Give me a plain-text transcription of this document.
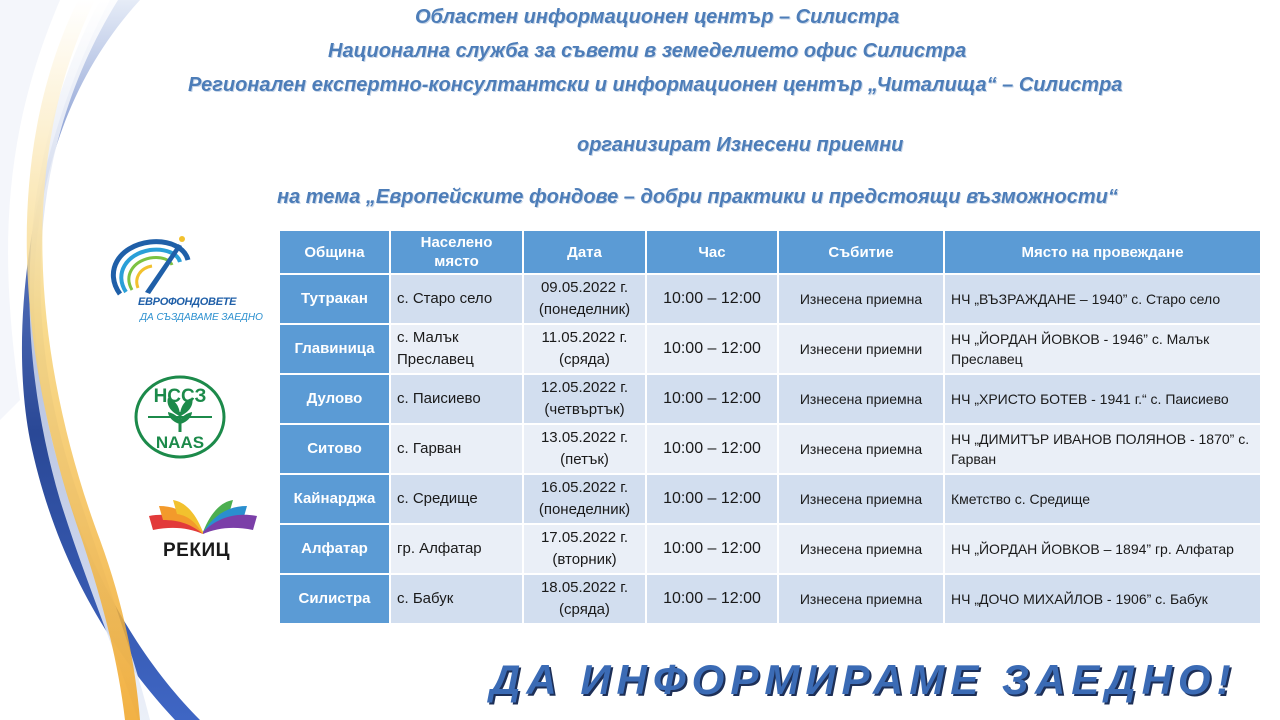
Областен информационен център – Силистра

Национална служба за съвети в земеделието офис Силистра

Регионален експертно-консултантски и информационен център „Читалища“ – Силистра

организират Изнесени приемни

на тема „Европейските фондове – добри практики и предстоящи възможности“

ЕВРОФОНДОВЕТЕ
ДА СЪЗДАВАМЕ ЗАЕДНО
НССЗ
NAAS
РЕКИЦ
Община	Населено място	Дата	Час	Събитие	Място на провеждане
Тутракан	с. Старо село	09.05.2022 г. (понеделник)	10:00 – 12:00	Изнесена приемна	НЧ „ВЪЗРАЖДАНЕ – 1940” с. Старо село
Главиница	с. Малък Преславец	11.05.2022 г. (сряда)	10:00 – 12:00	Изнесени приемни	НЧ „ЙОРДАН ЙОВКОВ - 1946” с. Малък Преславец
Дулово	с. Паисиево	12.05.2022 г. (четвъртък)	10:00 – 12:00	Изнесена приемна	НЧ „ХРИСТО БОТЕВ - 1941 г.“ с. Паисиево
Ситово	с. Гарван	13.05.2022 г. (петък)	10:00 – 12:00	Изнесена приемна	НЧ „ДИМИТЪР ИВАНОВ ПОЛЯНОВ - 1870” с. Гарван
Кайнарджа	с. Средище	16.05.2022 г. (понеделник)	10:00 – 12:00	Изнесена приемна	Кметство с. Средище
Алфатар	гр. Алфатар	17.05.2022 г. (вторник)	10:00 – 12:00	Изнесена приемна	НЧ „ЙОРДАН ЙОВКОВ – 1894” гр. Алфатар
Силистра	с. Бабук	18.05.2022 г. (сряда)	10:00 – 12:00	Изнесена приемна	НЧ „ДОЧО МИХАЙЛОВ - 1906” с. Бабук

ДА ИНФОРМИРАМЕ ЗАЕДНО!
